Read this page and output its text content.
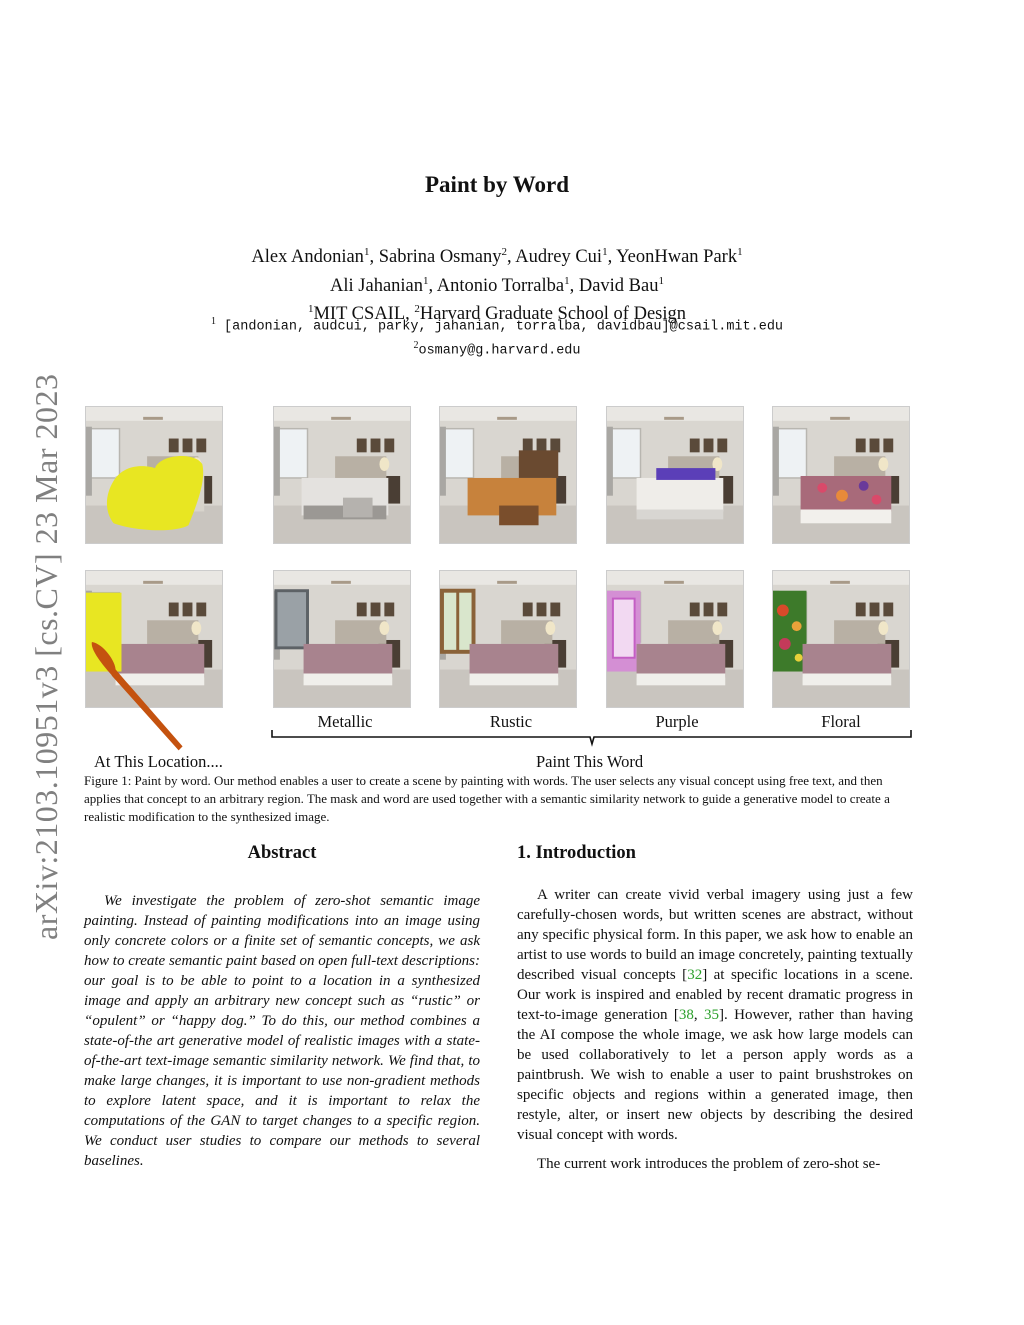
arXiv:2103.10951v3 [cs.CV] 23 Mar 2023
Paint by Word
Alex Andonian$^1$, Sabrina Osmany$^2$, Audrey Cui$^1$, YeonHwan Park$^1$
Ali Jahanian$^1$, Antonio Torralba$^1$, David Bau$^1$
$^1$MIT CSAIL, $^2$Harvard Graduate School of Design
$^1$ [andonian, audcui, parky, jahanian, torralba, davidbau]@csail.mit.edu
$^2$osmany@g.harvard.edu
Metallic	Rustic	Purple	Floral
At This Location....	Paint This Word
Figure 1: Paint by word. Our method enables a user to create a scene by painting with words. The user selects any visual concept using free text, and then applies that concept to an arbitrary region. The mask and word are used together with a semantic similarity network to guide a generative model to create a realistic modification to the synthesized image.
Abstract

We investigate the problem of zero-shot semantic image painting. Instead of painting modifications into an image using only concrete colors or a finite set of semantic concepts, we ask how to create semantic paint based on open full-text descriptions: our goal is to be able to point to a location in a synthesized image and apply an arbitrary new concept such as “rustic” or “opulent” or “happy dog.” To do this, our method combines a state-of-the art generative model of realistic images with a state-of-the-art text-image semantic similarity network. We find that, to make large changes, it is important to use non-gradient methods to explore latent space, and it is important to relax the computations of the GAN to target changes to a specific region. We conduct user studies to compare our methods to several baselines.

1. Introduction

A writer can create vivid verbal imagery using just a few carefully-chosen words, but written scenes are abstract, without any specific physical form. In this paper, we ask how to enable an artist to use words to build an image concretely, painting textually described visual concepts [32] at specific locations in a scene. Our work is inspired and enabled by recent dramatic progress in text-to-image generation [38, 35]. However, rather than having the AI compose the whole image, we ask how large models can be used collaboratively to let a person apply words as a paintbrush. We wish to enable a user to paint brushstrokes on specific objects and regions within a generated image, then restyle, alter, or insert new objects by describing the desired visual concept with words.

The current work introduces the problem of zero-shot se-
